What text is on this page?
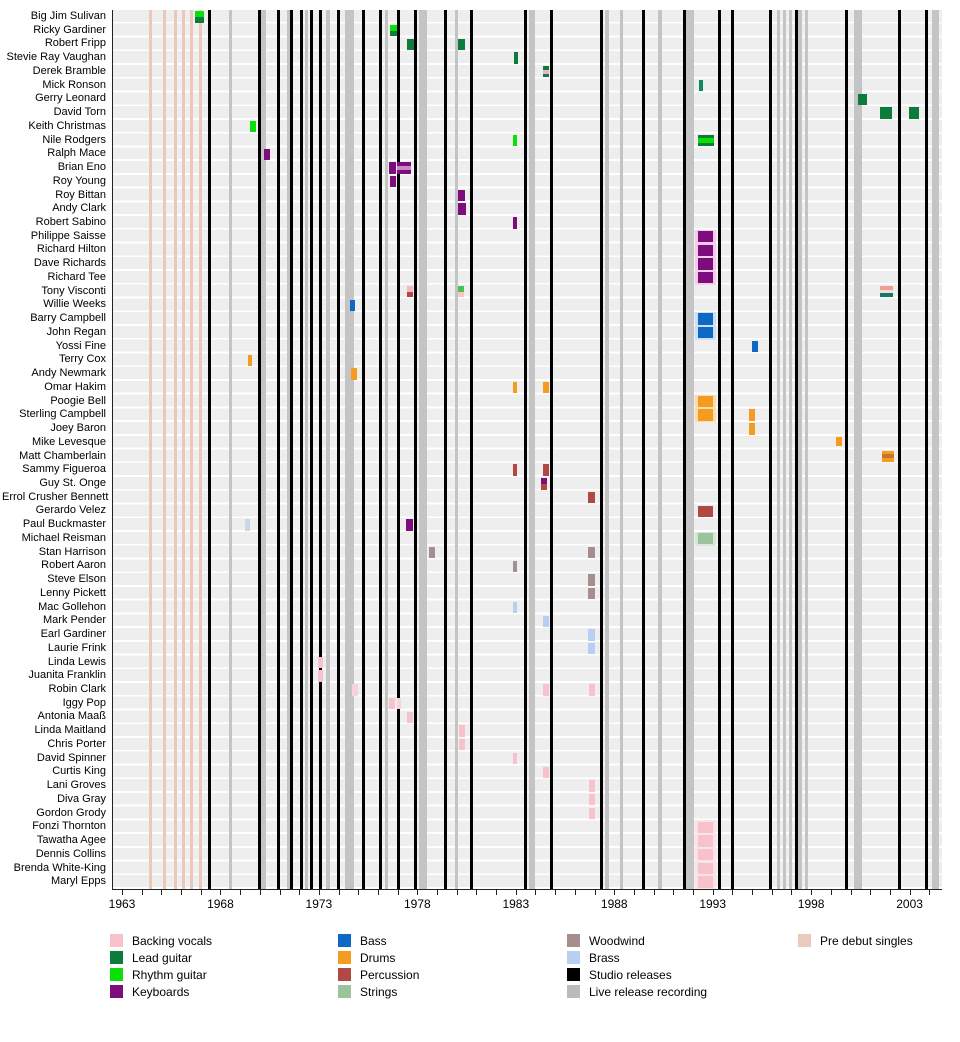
Big Jim Sulivan
Ricky Gardiner
Robert Fripp
Stevie Ray Vaughan
Derek Bramble
Mick Ronson
Gerry Leonard
David Torn
Keith Christmas
Nile Rodgers
Ralph Mace
Brian Eno
Roy Young
Roy Bittan
Andy Clark
Robert Sabino
Philippe Saisse
Richard Hilton
Dave Richards
Richard Tee
Tony Visconti
Willie Weeks
Barry Campbell
John Regan
Yossi Fine
Terry Cox
Andy Newmark
Omar Hakim
Poogie Bell
Sterling Campbell
Joey Baron
Mike Levesque
Matt Chamberlain
Sammy Figueroa
Guy St. Onge
Errol Crusher Bennett
Gerardo Velez
Paul Buckmaster
Michael Reisman
Stan Harrison
Robert Aaron
Steve Elson
Lenny Pickett
Mac Gollehon
Mark Pender
Earl Gardiner
Laurie Frink
Linda Lewis
Juanita Franklin
Robin Clark
Iggy Pop
Antonia Maaß
Linda Maitland
Chris Porter
David Spinner
Curtis King
Lani Groves
Diva Gray
Gordon Grody
Fonzi Thornton
Tawatha Agee
Dennis Collins
Brenda White-King
Maryl Epps
1963	1968	1973	1978	1983	1988	1993	1998	2003
Backing vocals
Lead guitar
Rhythm guitar
Keyboards
Bass
Drums
Percussion
Strings
Woodwind
Brass
Studio releases
Live release recording
Pre debut singles
